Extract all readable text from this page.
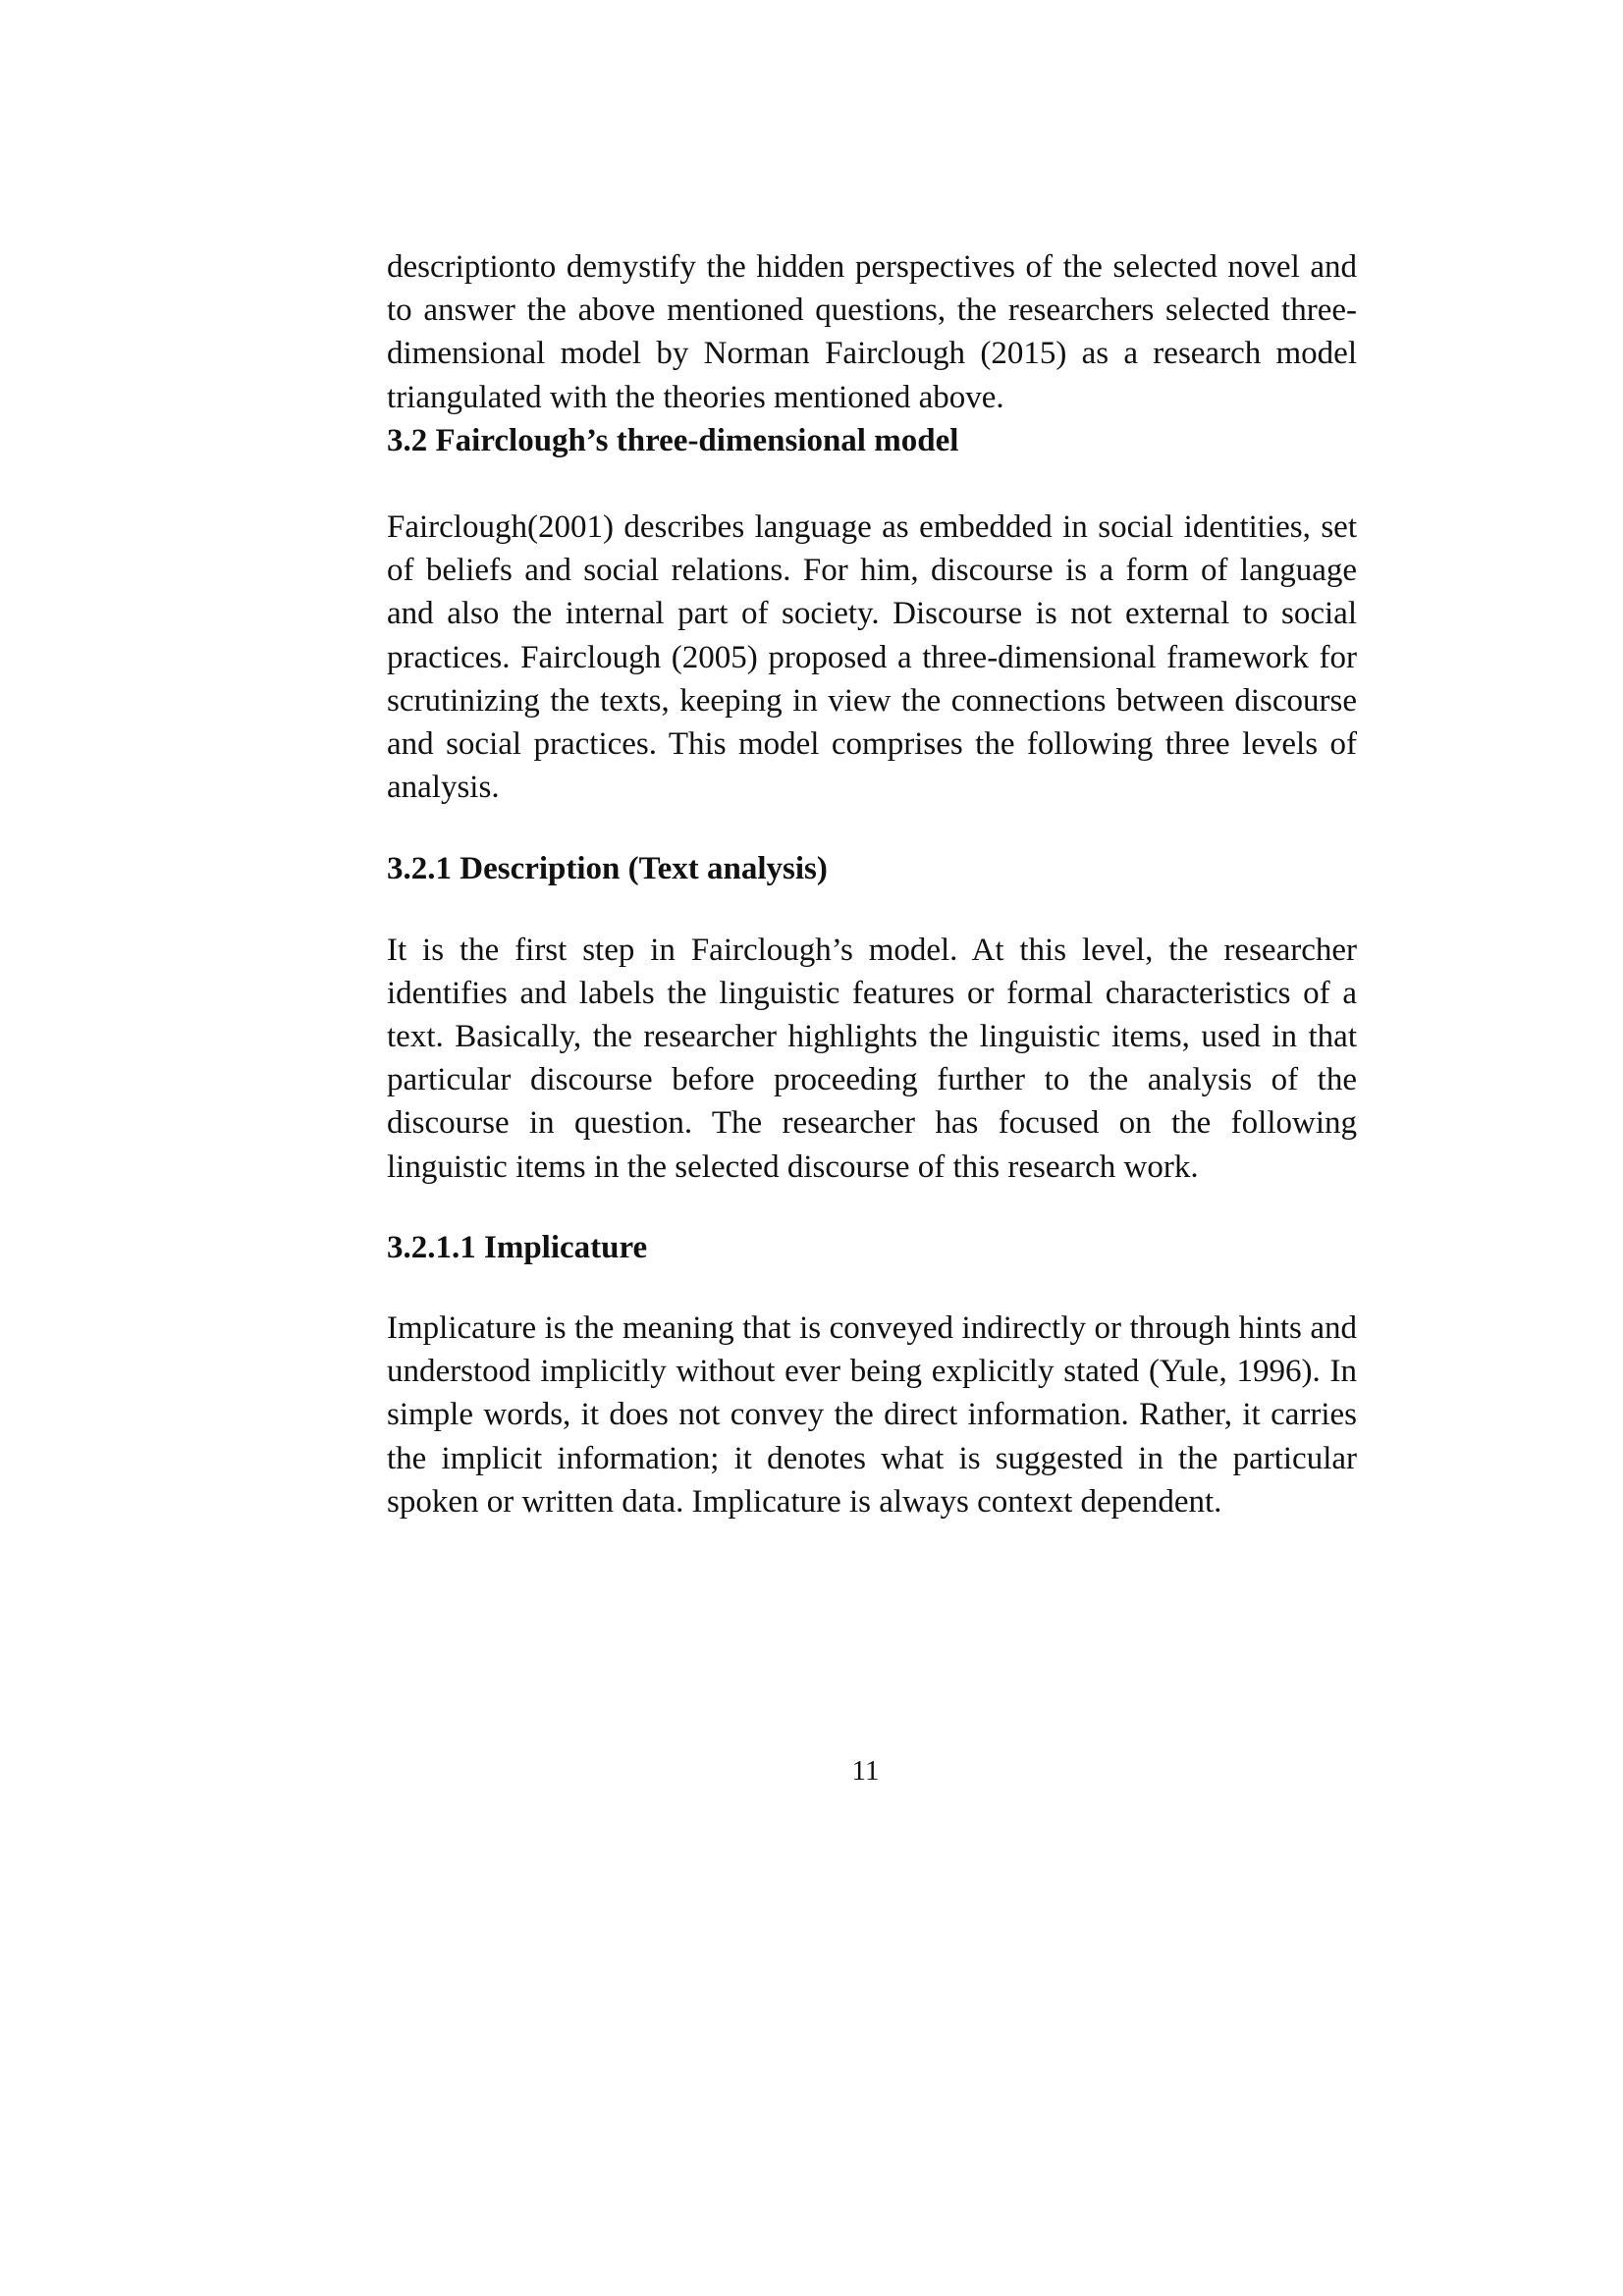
descriptionto demystify the hidden perspectives of the selected novel and to answer the above mentioned questions, the researchers selected three-dimensional model by Norman Fairclough (2015) as a research model triangulated with the theories mentioned above.

3.2 Fairclough’s three-dimensional model

Fairclough(2001) describes language as embedded in social identities, set of beliefs and social relations. For him, discourse is a form of language and also the internal part of society. Discourse is not external to social practices. Fairclough (2005) proposed a three-dimensional framework for scrutinizing the texts, keeping in view the connections between discourse and social practices. This model comprises the following three levels of analysis.

3.2.1 Description (Text analysis)

It is the first step in Fairclough’s model. At this level, the researcher identifies and labels the linguistic features or formal characteristics of a text. Basically, the researcher highlights the linguistic items, used in that particular discourse before proceeding further to the analysis of the discourse in question. The researcher has focused on the following linguistic items in the selected discourse of this research work.

3.2.1.1 Implicature

Implicature is the meaning that is conveyed indirectly or through hints and understood implicitly without ever being explicitly stated (Yule, 1996). In simple words, it does not convey the direct information. Rather, it carries the implicit information; it denotes what is suggested in the particular spoken or written data. Implicature is always context dependent.

11
